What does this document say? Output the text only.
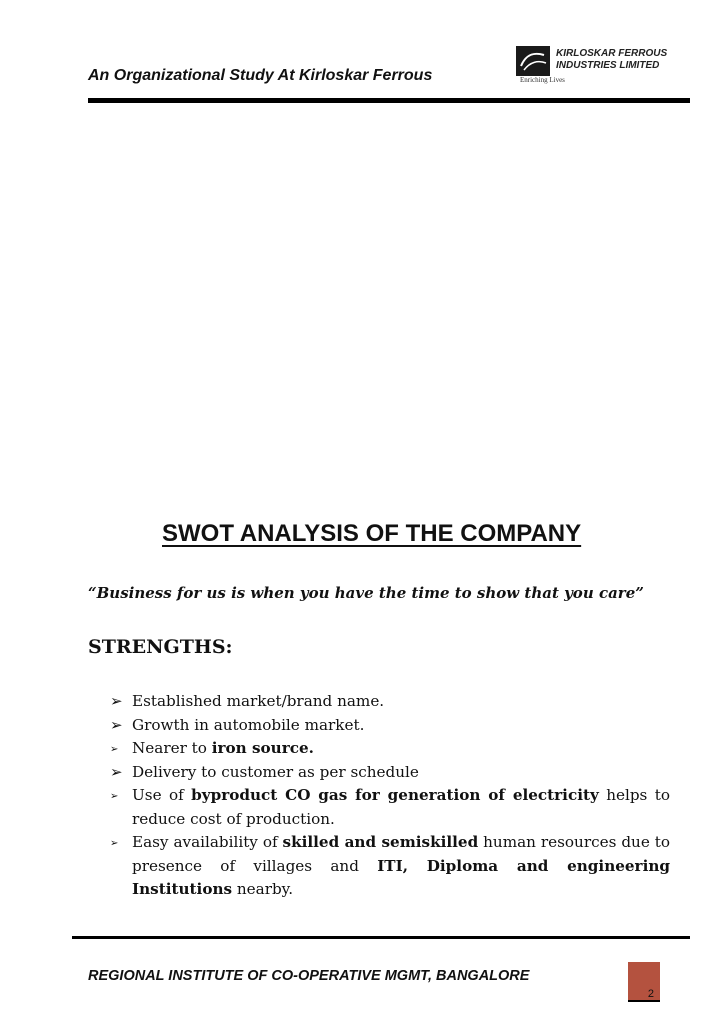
An Organizational Study At Kirloskar Ferrous
KIRLOSKAR FERROUS
INDUSTRIES LIMITED
Enriching Lives
SWOT ANALYSIS OF THE COMPANY
“Business for us is when you have the time to show that you care”
STRENGTHS:
➢ Established market/brand name.
➢ Growth in automobile market.
➢ Nearer to iron source.
➢ Delivery to customer as per schedule
➢ Use of byproduct CO gas for generation of electricity helps to reduce cost of production.
➢ Easy availability of skilled and semiskilled human resources due to presence of villages and ITI, Diploma and engineering Institutions nearby.
REGIONAL INSTITUTE OF CO-OPERATIVE MGMT, BANGALORE
2
